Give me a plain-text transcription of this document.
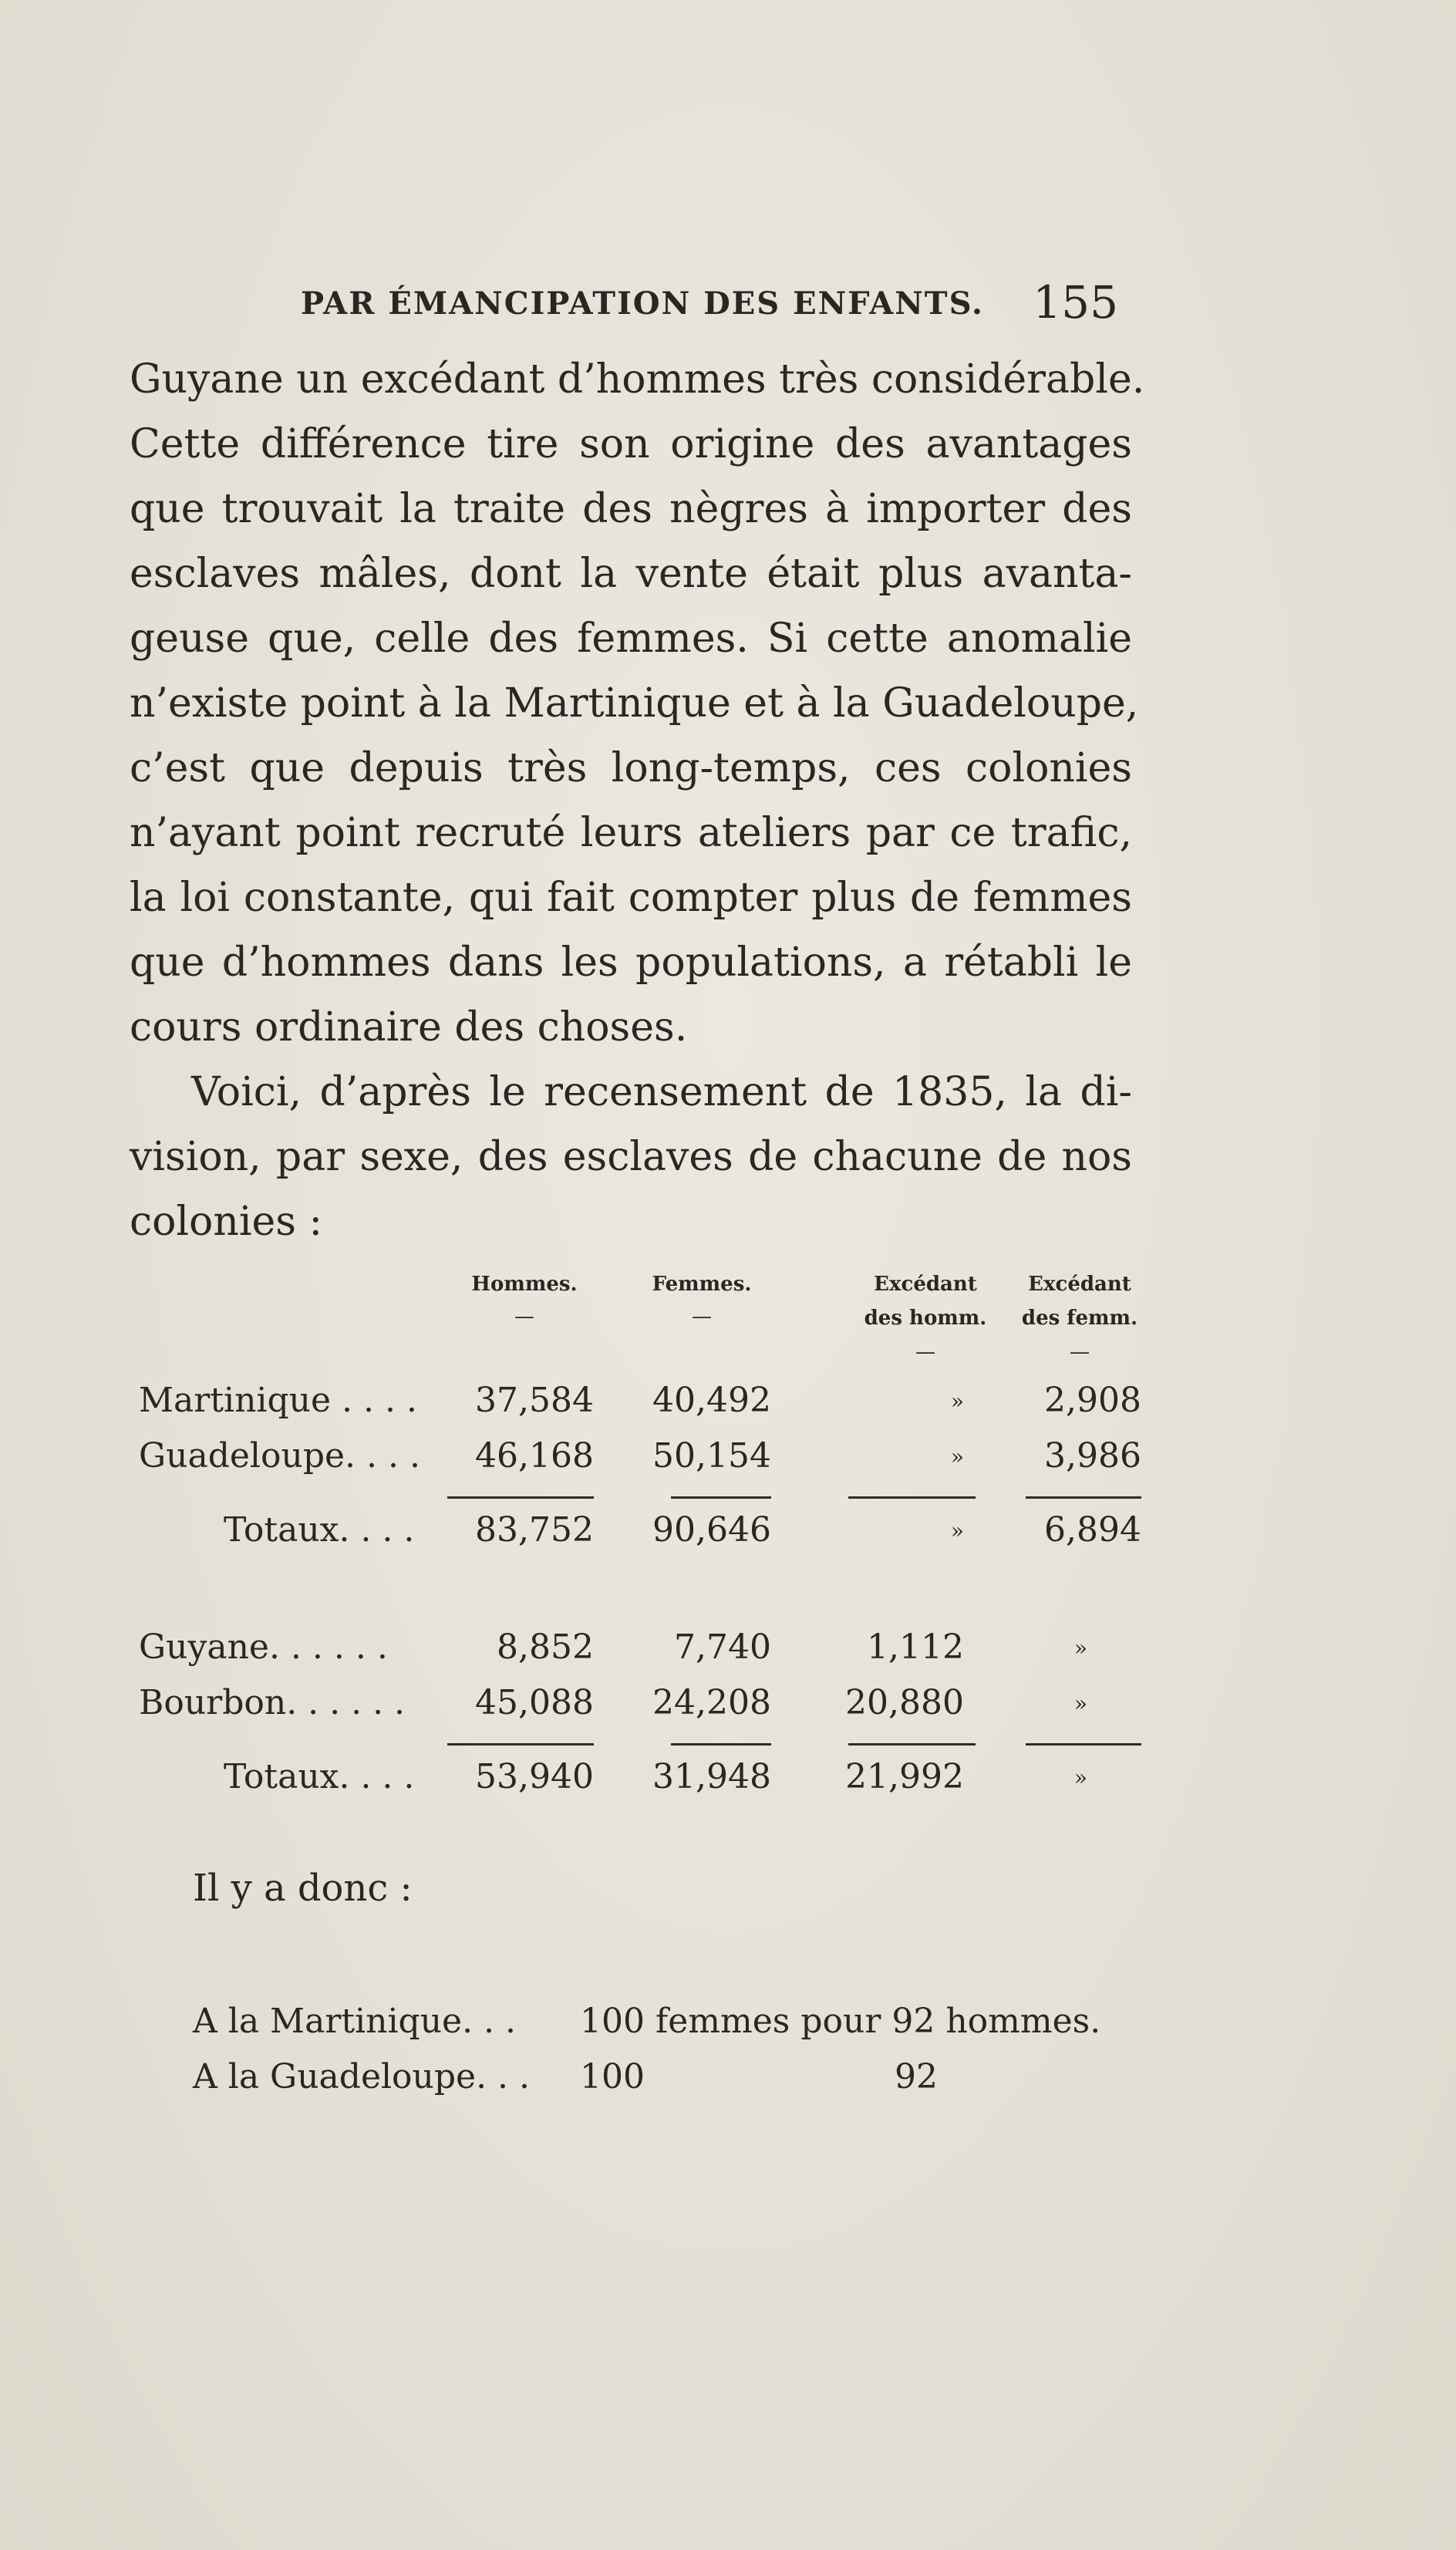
PAR ÉMANCIPATION DES ENFANTS. 155
Guyane un excédant d’hommes très considérable.
Cette différence tire son origine des avantages
que trouvait la traite des nègres à importer des
esclaves mâles, dont la vente était plus avanta-
geuse que, celle des femmes. Si cette anomalie
n’existe point à la Martinique et à la Guadeloupe,
c’est que depuis très long-temps, ces colonies
n’ayant point recruté leurs ateliers par ce trafic,
la loi constante, qui fait compter plus de femmes
que d’hommes dans les populations, a rétabli le
cours ordinaire des choses.
Voici, d’après le recensement de 1835, la di-
vision, par sexe, des esclaves de chacune de nos
colonies :
Hommes.	Femmes.	Excédant	Excédant
—	—	des homm.	des femm.
—	—
Martinique . . . .	37,584	40,492	»	2,908
Guadeloupe. . . .	46,168	50,154	»	3,986
Totaux. . . .	83,752	90,646	»	6,894
Guyane. . . . . .	8,852	7,740	1,112	»
Bourbon. . . . . .	45,088	24,208	20,880	»
Totaux. . . .	53,940	31,948	21,992	»
Il y a donc :
A la Martinique. . . 100 femmes pour 92 hommes.
A la Guadeloupe. . . 100	92
